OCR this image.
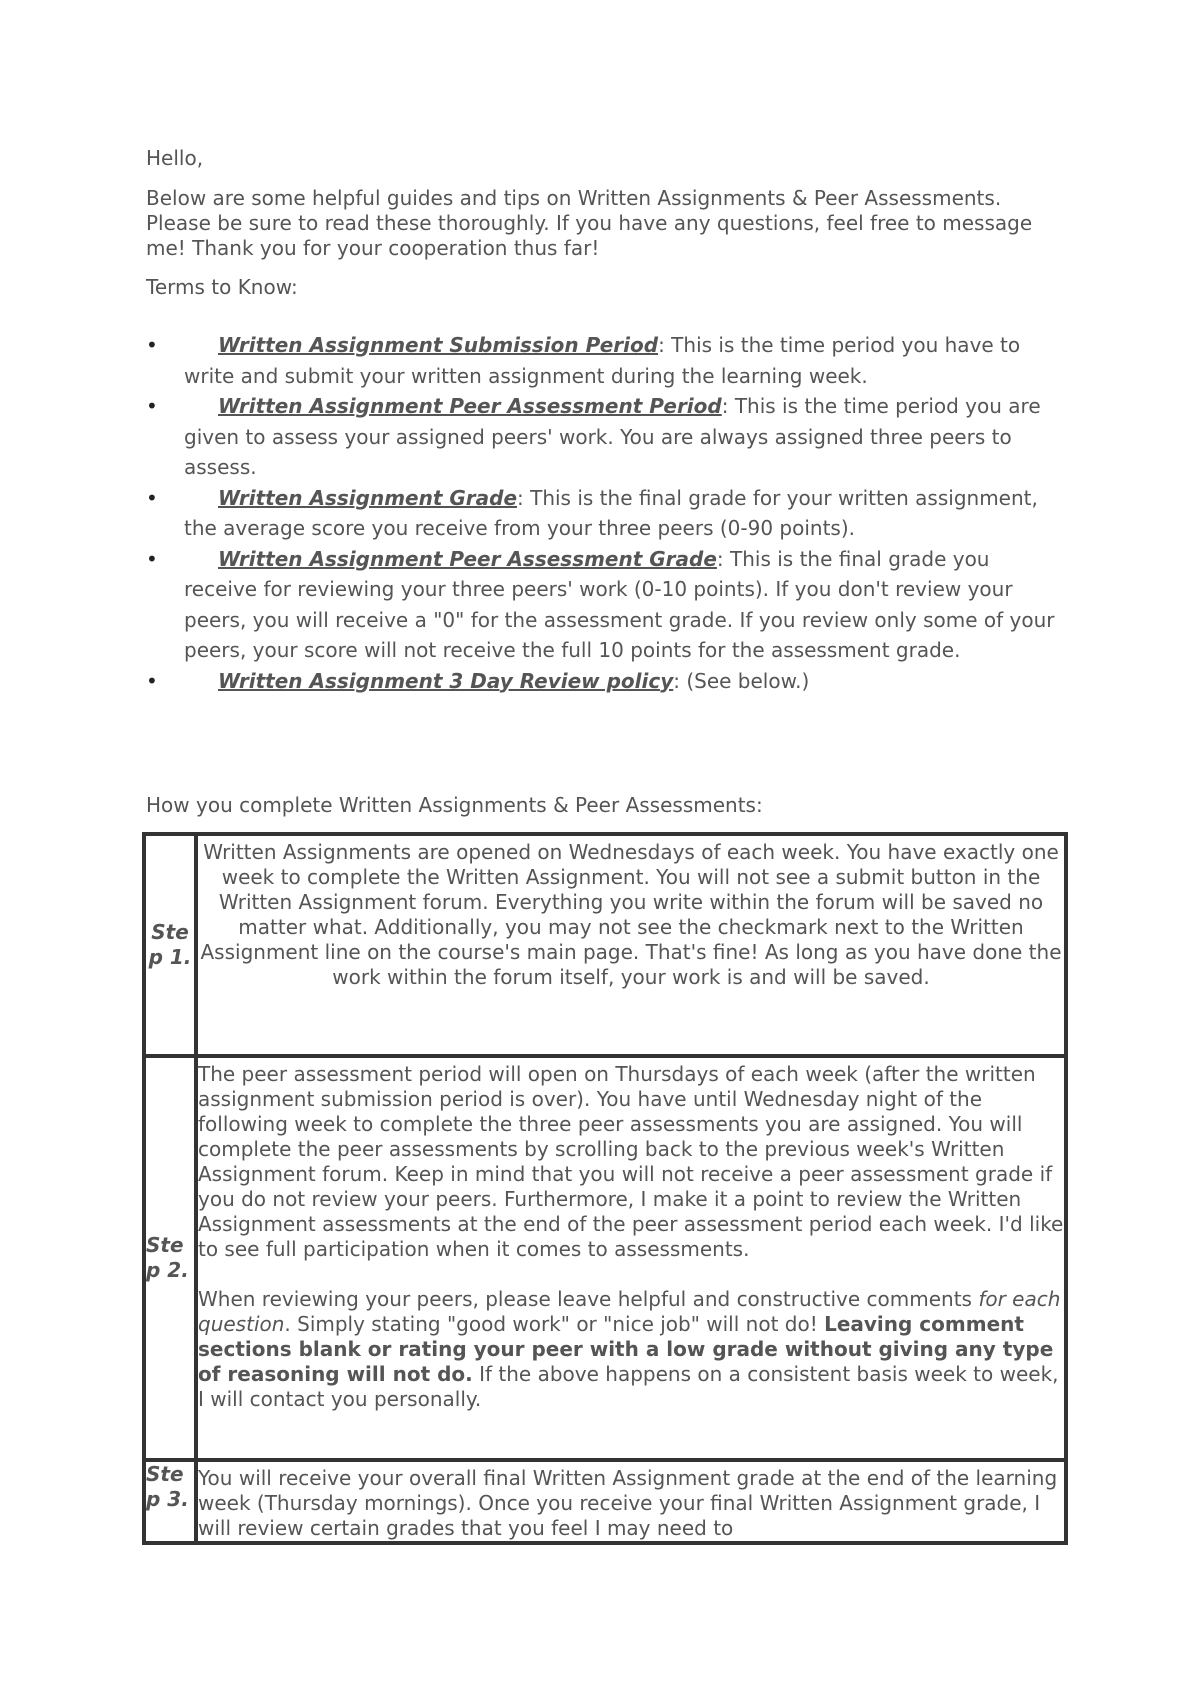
Hello,

Below are some helpful guides and tips on Written Assignments & Peer Assessments. Please be sure to read these thoroughly. If you have any questions, feel free to message me! Thank you for your cooperation thus far!

Terms to Know:

•	Written Assignment Submission Period: This is the time period you have to write and submit your written assignment during the learning week.
•	Written Assignment Peer Assessment Period: This is the time period you are given to assess your assigned peers' work. You are always assigned three peers to assess.
•	Written Assignment Grade: This is the final grade for your written assignment, the average score you receive from your three peers (0-90 points).
•	Written Assignment Peer Assessment Grade: This is the final grade you receive for reviewing your three peers' work (0-10 points). If you don't review your peers, you will receive a "0" for the assessment grade. If you review only some of your peers, your score will not receive the full 10 points for the assessment grade.
•	Written Assignment 3 Day Review policy: (See below.)

How you complete Written Assignments & Peer Assessments:

Step 1.	Written Assignments are opened on Wednesdays of each week. You have exactly one week to complete the Written Assignment. You will not see a submit button in the Written Assignment forum. Everything you write within the forum will be saved no matter what. Additionally, you may not see the checkmark next to the Written Assignment line on the course's main page. That's fine! As long as you have done the work within the forum itself, your work is and will be saved.

Step 2.	The peer assessment period will open on Thursdays of each week (after the written assignment submission period is over). You have until Wednesday night of the following week to complete the three peer assessments you are assigned. You will complete the peer assessments by scrolling back to the previous week's Written Assignment forum. Keep in mind that you will not receive a peer assessment grade if you do not review your peers. Furthermore, I make it a point to review the Written Assignment assessments at the end of the peer assessment period each week. I'd like to see full participation when it comes to assessments.

When reviewing your peers, please leave helpful and constructive comments for each question. Simply stating "good work" or "nice job" will not do! Leaving comment sections blank or rating your peer with a low grade without giving any type of reasoning will not do. If the above happens on a consistent basis week to week, I will contact you personally.

Step 3.	You will receive your overall final Written Assignment grade at the end of the learning week (Thursday mornings). Once you receive your final Written Assignment grade, I will review certain grades that you feel I may need to
